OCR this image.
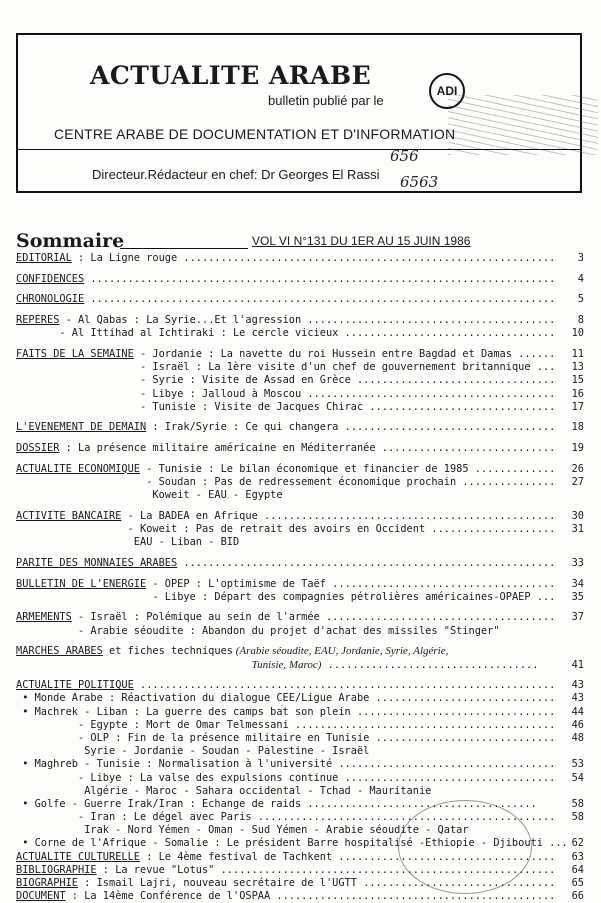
ACTUALITE ARABE
bulletin publié par le
ADI
CENTRE ARABE DE DOCUMENTATION ET D'INFORMATION
Directeur.Rédacteur en chef: Dr Georges El Rassi
656
6563
Sommaire	VOL VI N°131 DU 1ER AU 15 JUIN 1986
EDITORIAL : La Ligne rouge ............................................................ 3
CONFIDENCES ........................................................................... 4
CHRONOLOGIE ........................................................................... 5
REPERES - Al Qabas : La Syrie...Et l'agression ........................................ 8
- Al Ittihad al Ichtiraki : Le cercle vicieux .................................. 10
FAITS DE LA SEMAINE - Jordanie : La navette du roi Hussein entre Bagdad et Damas ...... 11
- Israël : La 1ère visite d'un chef de gouvernement britannique ... 13
- Syrie : Visite de Assad en Grèce ................................ 15
- Libye : Jalloud à Moscou ........................................ 16
- Tunisie : Visite de Jacques Chirac .............................. 17
L'EVENEMENT DE DEMAIN : Irak/Syrie : Ce qui changera .................................. 18
DOSSIER : La présence militaire américaine en Méditerranée ............................ 19
ACTUALITE ECONOMIQUE - Tunisie : Le bilan économique et financier de 1985 ............. 26
- Soudan : Pas de redressement économique prochain ............... 27
Koweit - EAU - Egypte
ACTIVITE BANCAIRE - La BADEA en Afrique ............................................... 30
- Koweit : Pas de retrait des avoirs en Occident .................... 31
EAU - Liban - BID
PARITE DES MONNAIES ARABES ............................................................ 33
BULLETIN DE L'ENERGIE - OPEP : L'optimisme de Taëf .................................... 34
- Libye : Départ des compagnies pétrolières américaines-OPAEP ... 35
ARMEMENTS - Israël : Polémique au sein de l'armée ..................................... 37
- Arabie séoudite : Abandon du projet d'achat des missiles "Stinger"
MARCHES ARABES et fiches techniques (Arabie séoudite, EAU, Jordanie, Syrie, Algérie,
Tunisie, Maroc) ..................................	41
ACTUALITE POLITIQUE ................................................................... 43
• Monde Arabe : Réactivation du dialogue CEE/Ligue Arabe ............................. 43
• Machrek - Liban : La guerre des camps bat son plein ................................ 44
- Egypte : Mort de Omar Telmessani .......................................... 46
- OLP : Fin de la présence militaire en Tunisie ............................. 48
Syrie - Jordanie - Soudan - Palestine - Israël
• Maghreb - Tunisie : Normalisation à l'université ................................... 53
- Libye : La valse des expulsions continue .................................. 54
Algérie - Maroc - Sahara occidental - Tchad - Mauritanie
• Golfe - Guerre Irak/Iran : Echange de raids .....................................	58
- Iran : Le dégel avec Paris ................................................ 58
Irak - Nord Yémen - Oman - Sud Yémen - Arabie séoudite - Qatar
• Corne de l'Afrique - Somalie : Le président Barre hospitalisé -Ethiopie - Djibouti ... 62
ACTUALITE CULTURELLE : Le 4ème festival de Tachkent ................................... 63
BIBLIOGRAPHIE : La revue "Lotus" ...................................................... 64
BIOGRAPHIE : Ismail Lajri, nouveau secrétaire de l'UGTT ............................... 65
DOCUMENT : La 14ème Conférence de l'OSPAA ............................................. 66
